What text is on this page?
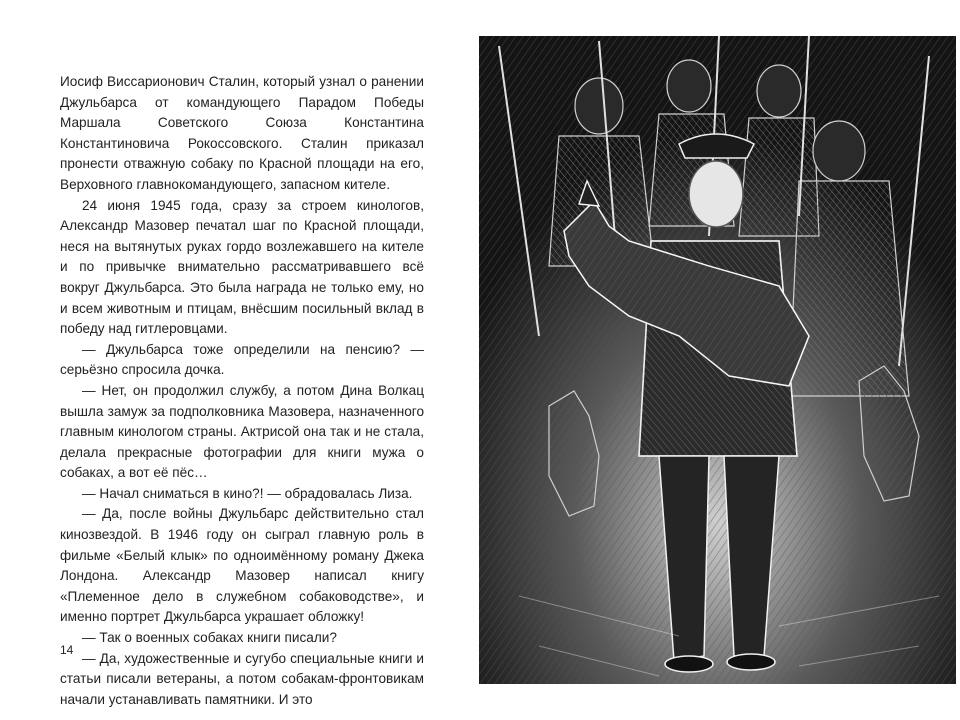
Иосиф Виссарионович Сталин, который узнал о ранении Джульбарса от командующего Парадом Победы Маршала Советского Союза Константина Константиновича Рокоссовского. Сталин приказал пронести отважную собаку по Красной площади на его, Верховного главнокомандующего, запасном кителе.

24 июня 1945 года, сразу за строем кинологов, Александр Мазовер печатал шаг по Красной площади, неся на вытянутых руках гордо возлежавшего на кителе и по привычке внимательно рассматривавшего всё вокруг Джульбарса. Это была награда не только ему, но и всем животным и птицам, внёсшим посильный вклад в победу над гитлеровцами.

— Джульбарса тоже определили на пенсию? — серьёзно спросила дочка.

— Нет, он продолжил службу, а потом Дина Волкац вышла замуж за подполковника Мазовера, назначенного главным кинологом страны. Актрисой она так и не стала, делала прекрасные фотографии для книги мужа о собаках, а вот её пёс…

— Начал сниматься в кино?! — обрадовалась Лиза.

— Да, после войны Джульбарс действительно стал кинозвездой. В 1946 году он сыграл главную роль в фильме «Белый клык» по одноимённому роману Джека Лондона. Александр Мазовер написал книгу «Племенное дело в служебном собаководстве», и именно портрет Джульбарса украшает обложку!

— Так о военных собаках книги писали?

— Да, художественные и сугубо специальные книги и статьи писали ветераны, а потом собакам-фронтовикам начали устанавливать памятники. И это

14
